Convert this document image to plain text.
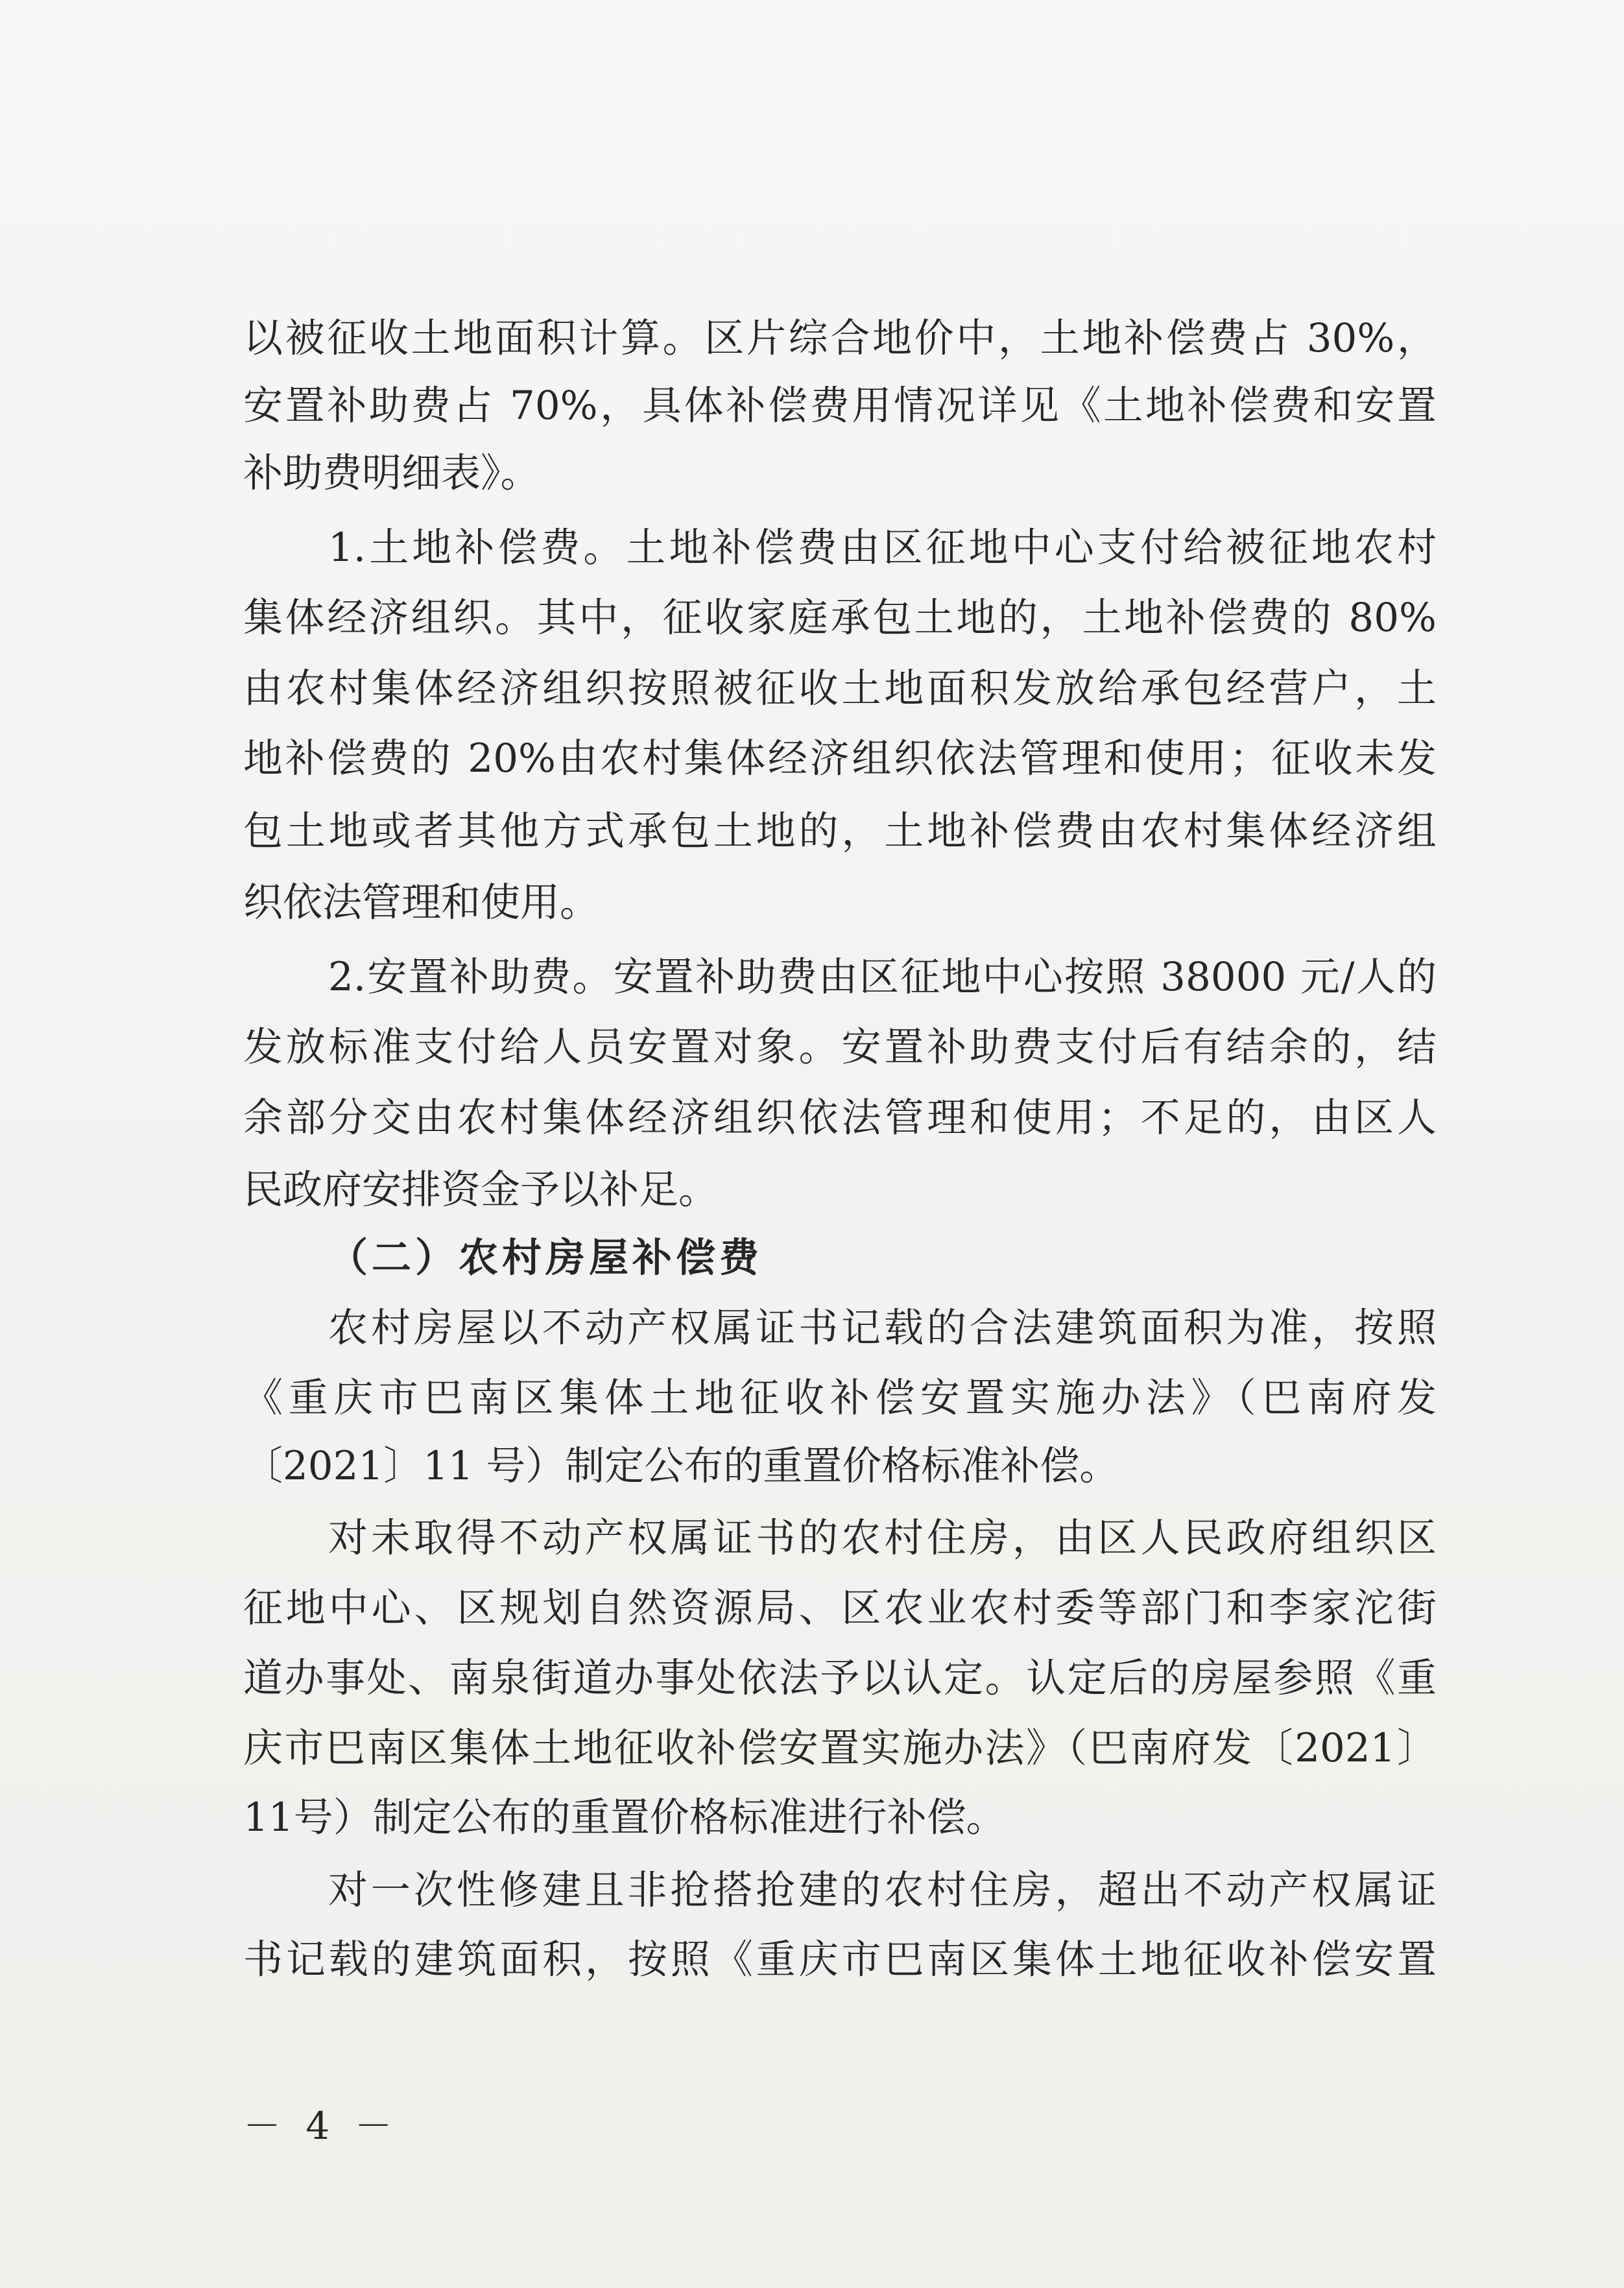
以被征收土地面积计算。区片综合地价中，土地补偿费占 30%，
安置补助费占 70%，具体补偿费用情况详见《土地补偿费和安置
补助费明细表》。
1.土地补偿费。土地补偿费由区征地中心支付给被征地农村
集体经济组织。其中，征收家庭承包土地的，土地补偿费的 80%
由农村集体经济组织按照被征收土地面积发放给承包经营户，土
地补偿费的 20%由农村集体经济组织依法管理和使用；征收未发
包土地或者其他方式承包土地的，土地补偿费由农村集体经济组
织依法管理和使用。
2.安置补助费。安置补助费由区征地中心按照 38000 元/人的
发放标准支付给人员安置对象。安置补助费支付后有结余的，结
余部分交由农村集体经济组织依法管理和使用；不足的，由区人
民政府安排资金予以补足。
（二）农村房屋补偿费
农村房屋以不动产权属证书记载的合法建筑面积为准，按照
《重庆市巴南区集体土地征收补偿安置实施办法》（巴南府发
〔2021〕11 号）制定公布的重置价格标准补偿。
对未取得不动产权属证书的农村住房，由区人民政府组织区
征地中心、区规划自然资源局、区农业农村委等部门和李家沱街
道办事处、南泉街道办事处依法予以认定。认定后的房屋参照《重
庆市巴南区集体土地征收补偿安置实施办法》（巴南府发〔2021〕
11号）制定公布的重置价格标准进行补偿。
对一次性修建且非抢搭抢建的农村住房，超出不动产权属证
书记载的建筑面积，按照《重庆市巴南区集体土地征收补偿安置
－ 4 －
